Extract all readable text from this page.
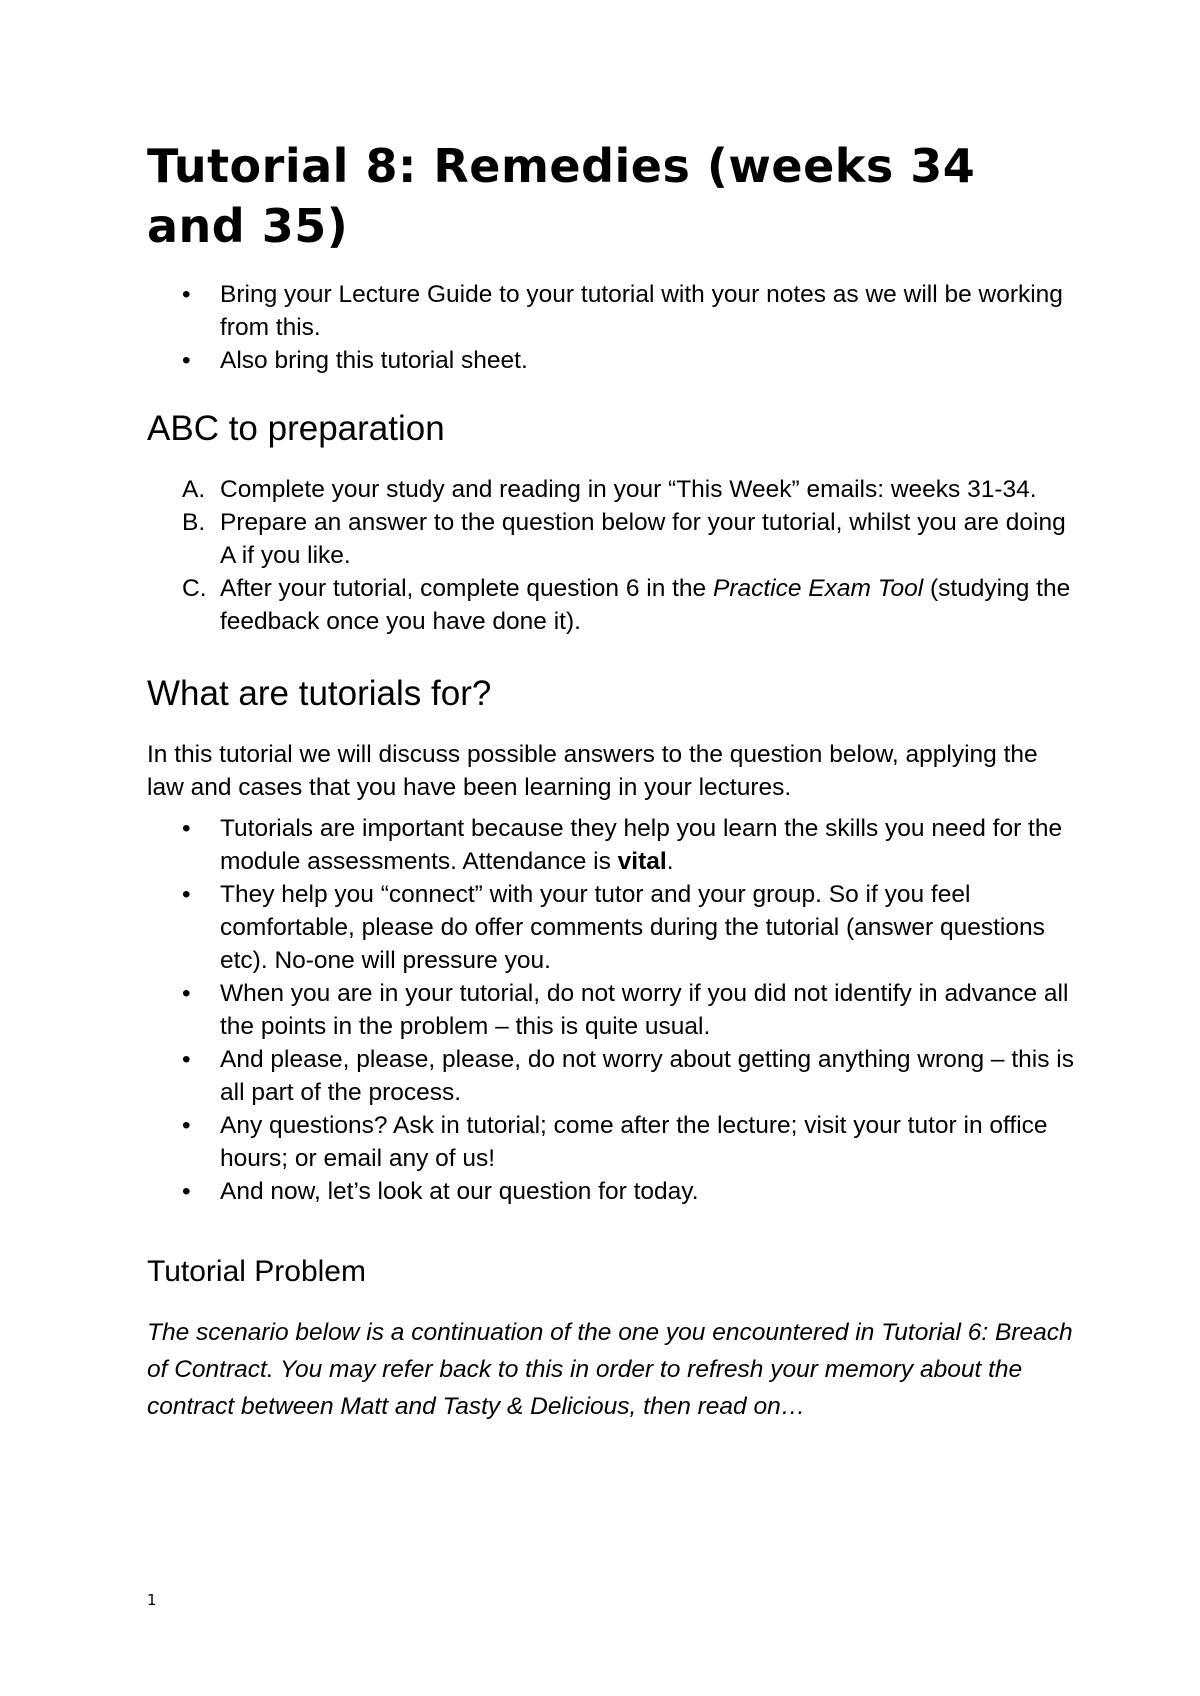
Tutorial 8: Remedies (weeks 34 and 35)
• Bring your Lecture Guide to your tutorial with your notes as we will be working from this.
• Also bring this tutorial sheet.
ABC to preparation
A. Complete your study and reading in your “This Week” emails: weeks 31-34.
B. Prepare an answer to the question below for your tutorial, whilst you are doing A if you like.
C. After your tutorial, complete question 6 in the Practice Exam Tool (studying the feedback once you have done it).
What are tutorials for?

In this tutorial we will discuss possible answers to the question below, applying the law and cases that you have been learning in your lectures.

• Tutorials are important because they help you learn the skills you need for the module assessments. Attendance is vital.
• They help you “connect” with your tutor and your group. So if you feel comfortable, please do offer comments during the tutorial (answer questions etc). No-one will pressure you.
• When you are in your tutorial, do not worry if you did not identify in advance all the points in the problem – this is quite usual.
• And please, please, please, do not worry about getting anything wrong – this is all part of the process.
• Any questions? Ask in tutorial; come after the lecture; visit your tutor in office hours; or email any of us!
• And now, let’s look at our question for today.
Tutorial Problem

The scenario below is a continuation of the one you encountered in Tutorial 6: Breach of Contract. You may refer back to this in order to refresh your memory about the contract between Matt and Tasty & Delicious, then read on…

1
